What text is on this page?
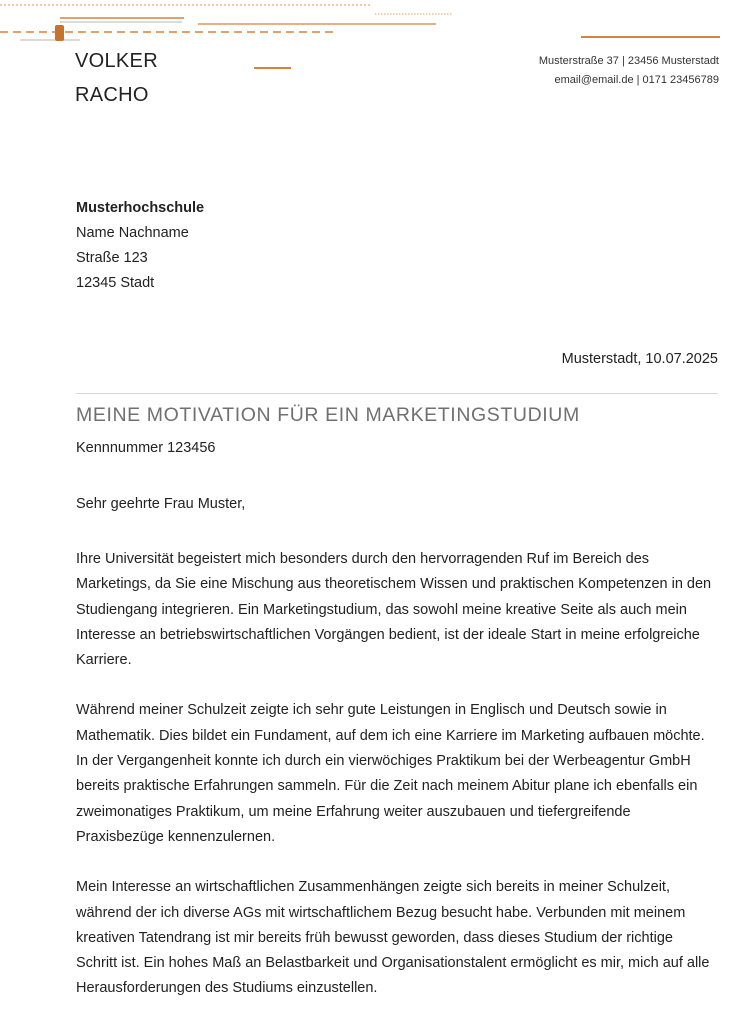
VOLKER
RACHO
Musterstraße 37 | 23456 Musterstadt
email@email.de | 0171 23456789
Musterhochschule
Name Nachname
Straße 123
12345 Stadt
Musterstadt, 10.07.2025
MEINE MOTIVATION FÜR EIN MARKETINGSTUDIUM
Kennnummer 123456
Sehr geehrte Frau Muster,

Ihre Universität begeistert mich besonders durch den hervorragenden Ruf im Bereich des Marketings, da Sie eine Mischung aus theoretischem Wissen und praktischen Kompetenzen in den Studiengang integrieren. Ein Marketingstudium, das sowohl meine kreative Seite als auch mein Interesse an betriebswirtschaftlichen Vorgängen bedient, ist der ideale Start in meine erfolgreiche Karriere.

Während meiner Schulzeit zeigte ich sehr gute Leistungen in Englisch und Deutsch sowie in Mathematik. Dies bildet ein Fundament, auf dem ich eine Karriere im Marketing aufbauen möchte. In der Vergangenheit konnte ich durch ein vierwöchiges Praktikum bei der Werbeagentur GmbH bereits praktische Erfahrungen sammeln. Für die Zeit nach meinem Abitur plane ich ebenfalls ein zweimonatiges Praktikum, um meine Erfahrung weiter auszubauen und tiefergreifende Praxisbezüge kennenzulernen.

Mein Interesse an wirtschaftlichen Zusammenhängen zeigte sich bereits in meiner Schulzeit, während der ich diverse AGs mit wirtschaftlichem Bezug besucht habe. Verbunden mit meinem kreativen Tatendrang ist mir bereits früh bewusst geworden, dass dieses Studium der richtige Schritt ist. Ein hohes Maß an Belastbarkeit und Organisationstalent ermöglicht es mir, mich auf alle Herausforderungen des Studiums einzustellen.
